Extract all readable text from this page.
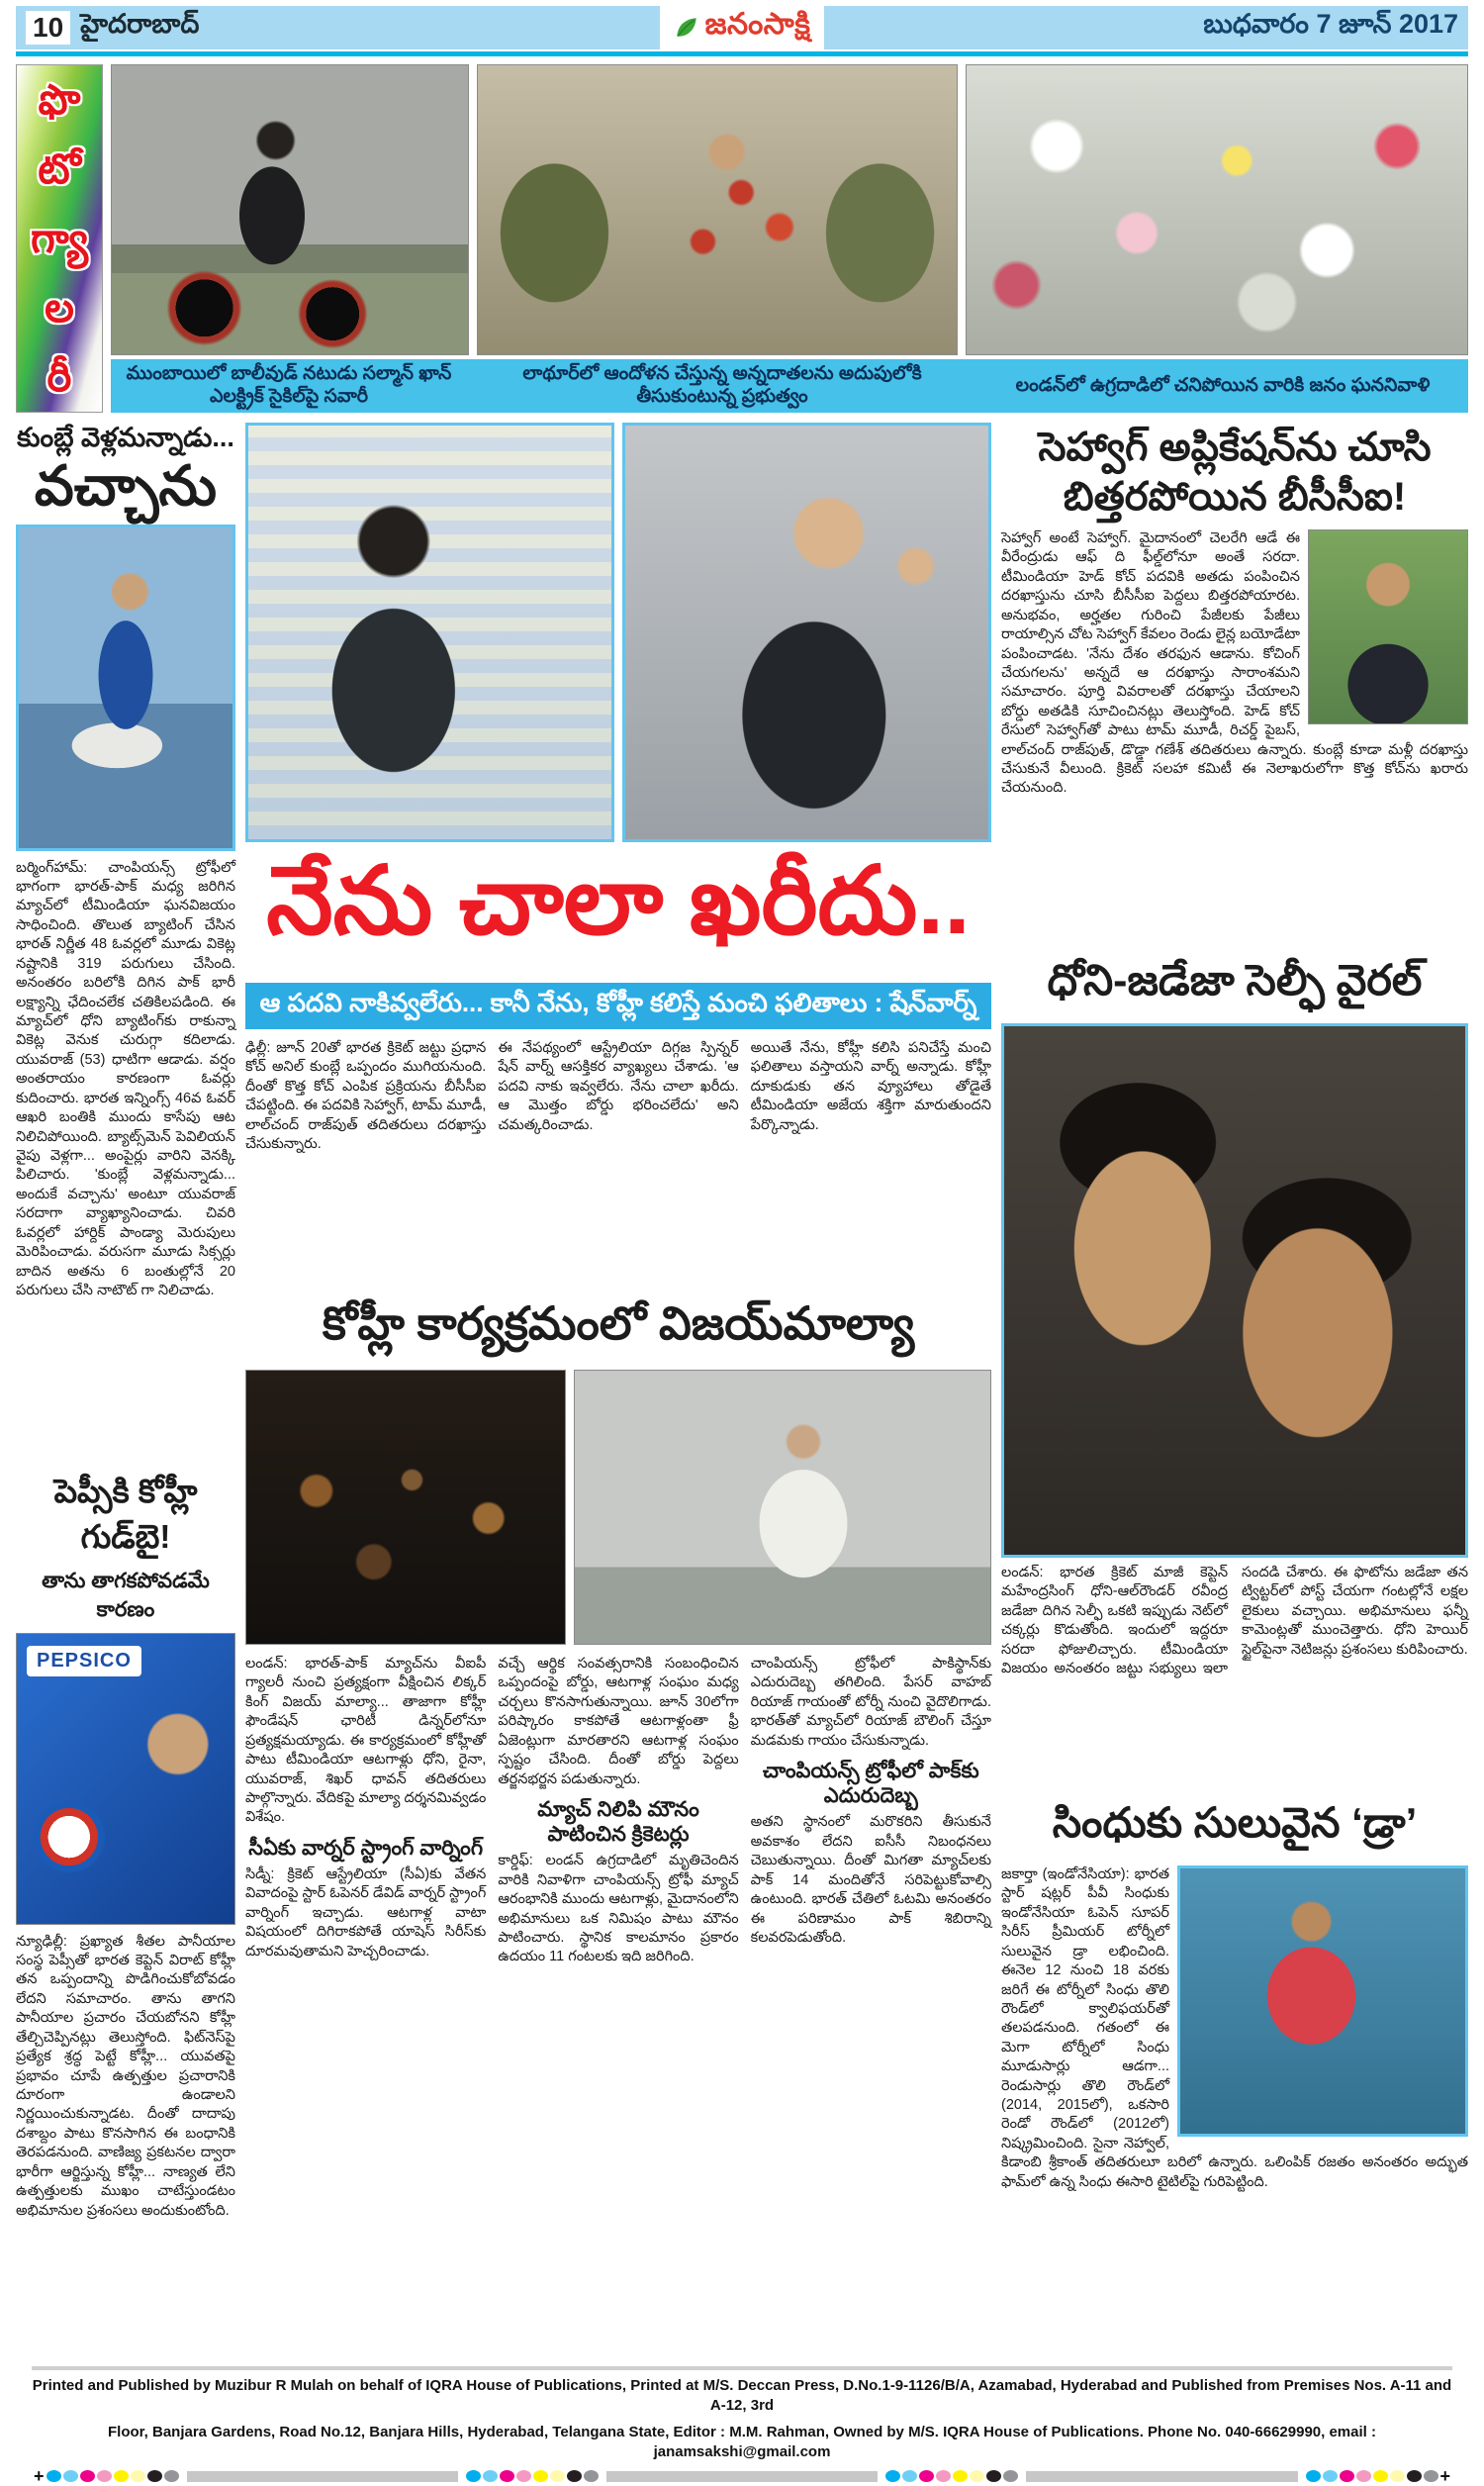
10 హైదరాబాద్	జనంసాక్షి	బుధవారం 7 జూన్ 2017
ఫొ
టో
గ్యా
ల
రీ	ముంబాయిలో బాలీవుడ్ నటుడు సల్మాన్ ఖాన్ ఎలక్ట్రిక్ సైకిల్‌పై సవారీ
లాథూర్‌లో ఆందోళన చేస్తున్న అన్నదాతలను అదుపులోకి తీసుకుంటున్న ప్రభుత్వం
లండన్‌లో ఉగ్రదాడిలో చనిపోయిన వారికి జనం ఘననివాళి
కుంబ్లే వెళ్లమన్నాడు...
వచ్చాను
బర్మింగ్‌హామ్: చాంపియన్స్ ట్రోఫీలో భాగంగా భారత్-పాక్ మధ్య జరిగిన మ్యాచ్‌లో టీమిండియా ఘనవిజయం సాధించింది. తొలుత బ్యాటింగ్ చేసిన భారత్ నిర్ణీత 48 ఓవర్లలో మూడు వికెట్ల నష్టానికి 319 పరుగులు చేసింది. అనంతరం బరిలోకి దిగిన పాక్ భారీ లక్ష్యాన్ని ఛేదించలేక చతికిలపడింది. ఈ మ్యాచ్‌లో ధోని బ్యాటింగ్‌కు రాకున్నా వికెట్ల వెనుక చురుగ్గా కదిలాడు. యువరాజ్ (53) ధాటిగా ఆడాడు. వర్షం అంతరాయం కారణంగా ఓవర్లు కుదించారు. భారత ఇన్నింగ్స్ 46వ ఓవర్ ఆఖరి బంతికి ముందు కాసేపు ఆట నిలిచిపోయింది. బ్యాట్స్‌మెన్ పెవిలియన్ వైపు వెళ్లగా... అంపైర్లు వారిని వెనక్కి పిలిచారు. 'కుంబ్లే వెళ్లమన్నాడు... అందుకే వచ్చాను' అంటూ యువరాజ్ సరదాగా వ్యాఖ్యానించాడు. చివరి ఓవర్లలో హార్దిక్ పాండ్యా మెరుపులు మెరిపించాడు. వరుసగా మూడు సిక్సర్లు బాదిన అతను 6 బంతుల్లోనే 20 పరుగులు చేసి నాటౌట్ గా నిలిచాడు.
పెప్సీకి కోహ్లీ గుడ్‌బై!
తాను తాగకపోవడమే కారణం
PEPSICO
న్యూఢిల్లీ: ప్రఖ్యాత శీతల పానీయాల సంస్థ పెప్సీతో భారత కెప్టెన్ విరాట్ కోహ్లీ తన ఒప్పందాన్ని పొడిగించుకోబోవడం లేదని సమాచారం. తాను తాగని పానీయాల ప్రచారం చేయబోనని కోహ్లీ తేల్చిచెప్పినట్లు తెలుస్తోంది. ఫిట్‌నెస్‌పై ప్రత్యేక శ్రద్ధ పెట్టే కోహ్లీ... యువతపై ప్రభావం చూపే ఉత్పత్తుల ప్రచారానికి దూరంగా ఉండాలని నిర్ణయించుకున్నాడట. దీంతో దాదాపు దశాబ్దం పాటు కొనసాగిన ఈ బంధానికి తెరపడనుంది. వాణిజ్య ప్రకటనల ద్వారా భారీగా ఆర్జిస్తున్న కోహ్లీ... నాణ్యత లేని ఉత్పత్తులకు ముఖం చాటేస్తుండటం అభిమానుల ప్రశంసలు అందుకుంటోంది.
నేను చాలా ఖరీదు..
ఆ పదవి నాకివ్వలేరు... కానీ నేను, కోహ్లీ కలిస్తే మంచి ఫలితాలు : షేన్‌వార్న్
ఢిల్లీ: జూన్ 20తో భారత క్రికెట్ జట్టు ప్రధాన కోచ్ అనిల్ కుంబ్లే ఒప్పందం ముగియనుంది. దీంతో కొత్త కోచ్ ఎంపిక ప్రక్రియను బీసీసీఐ చేపట్టింది. ఈ పదవికి సెహ్వాగ్, టామ్ మూడీ, లాల్‌చంద్ రాజ్‌పుత్ తదితరులు దరఖాస్తు చేసుకున్నారు.
ఈ నేపథ్యంలో ఆస్ట్రేలియా దిగ్గజ స్పిన్నర్ షేన్ వార్న్ ఆసక్తికర వ్యాఖ్యలు చేశాడు. 'ఆ పదవి నాకు ఇవ్వలేరు. నేను చాలా ఖరీదు. ఆ మొత్తం బోర్డు భరించలేదు' అని చమత్కరించాడు.
అయితే నేను, కోహ్లీ కలిసి పనిచేస్తే మంచి ఫలితాలు వస్తాయని వార్న్ అన్నాడు. కోహ్లీ దూకుడుకు తన వ్యూహాలు తోడైతే టీమిండియా అజేయ శక్తిగా మారుతుందని పేర్కొన్నాడు.
కోహ్లీ కార్యక్రమంలో విజయ్‌మాల్యా
లండన్: భారత్-పాక్ మ్యాచ్‌ను వీఐపీ గ్యాలరీ నుంచి ప్రత్యక్షంగా వీక్షించిన లిక్కర్ కింగ్ విజయ్ మాల్యా... తాజాగా కోహ్లీ ఫౌండేషన్ ఛారిటీ డిన్నర్‌లోనూ ప్రత్యక్షమయ్యాడు. ఈ కార్యక్రమంలో కోహ్లీతో పాటు టీమిండియా ఆటగాళ్లు ధోని, రైనా, యువరాజ్, శిఖర్ ధావన్ తదితరులు పాల్గొన్నారు. వేదికపై మాల్యా దర్శనమివ్వడం విశేషం.
సీఏకు వార్నర్ స్ట్రాంగ్ వార్నింగ్
సిడ్నీ: క్రికెట్ ఆస్ట్రేలియా (సీఏ)కు వేతన వివాదంపై స్టార్ ఓపెనర్ డేవిడ్ వార్నర్ స్ట్రాంగ్ వార్నింగ్ ఇచ్చాడు. ఆటగాళ్ల వాటా విషయంలో దిగిరాకపోతే యాషెస్ సిరీస్‌కు దూరమవుతామని హెచ్చరించాడు.
వచ్చే ఆర్థిక సంవత్సరానికి సంబంధించిన ఒప్పందంపై బోర్డు, ఆటగాళ్ల సంఘం మధ్య చర్చలు కొనసాగుతున్నాయి. జూన్ 30లోగా పరిష్కారం కాకపోతే ఆటగాళ్లంతా ఫ్రీ ఏజెంట్లుగా మారతారని ఆటగాళ్ల సంఘం స్పష్టం చేసింది. దీంతో బోర్డు పెద్దలు తర్జనభర్జన పడుతున్నారు.
మ్యాచ్ నిలిపి మౌనం పాటించిన క్రికెటర్లు
కార్డిఫ్: లండన్ ఉగ్రదాడిలో మృతిచెందిన వారికి నివాళిగా చాంపియన్స్ ట్రోఫీ మ్యాచ్ ఆరంభానికి ముందు ఆటగాళ్లు, మైదానంలోని అభిమానులు ఒక నిమిషం పాటు మౌనం పాటించారు. స్థానిక కాలమానం ప్రకారం ఉదయం 11 గంటలకు ఇది జరిగింది.
చాంపియన్స్ ట్రోఫీలో పాకిస్థాన్‌కు ఎదురుదెబ్బ తగిలింది. పేసర్ వాహబ్ రియాజ్ గాయంతో టోర్నీ నుంచి వైదొలిగాడు. భారత్‌తో మ్యాచ్‌లో రియాజ్ బౌలింగ్ చేస్తూ మడమకు గాయం చేసుకున్నాడు.
చాంపియన్స్ ట్రోఫీలో పాక్‌కు ఎదురుదెబ్బ
అతని స్థానంలో మరొకరిని తీసుకునే అవకాశం లేదని ఐసీసీ నిబంధనలు చెబుతున్నాయి. దీంతో మిగతా మ్యాచ్‌లకు పాక్ 14 మందితోనే సరిపెట్టుకోవాల్సి ఉంటుంది. భారత్ చేతిలో ఓటమి అనంతరం ఈ పరిణామం పాక్ శిబిరాన్ని కలవరపెడుతోంది.
సెహ్వాగ్ అప్లికేషన్‌ను చూసి
బిత్తరపోయిన బీసీసీఐ!
సెహ్వాగ్ అంటే సెహ్వాగ్. మైదానంలో చెలరేగి ఆడే ఈ వీరేంద్రుడు ఆఫ్ ది ఫీల్డ్‌లోనూ అంతే సరదా. టీమిండియా హెడ్ కోచ్ పదవికి అతడు పంపించిన దరఖాస్తును చూసి బీసీసీఐ పెద్దలు బిత్తరపోయారట. అనుభవం, అర్హతల గురించి పేజీలకు పేజీలు రాయాల్సిన చోట సెహ్వాగ్ కేవలం రెండు లైన్ల బయోడేటా పంపించాడట. 'నేను దేశం తరఫున ఆడాను. కోచింగ్ చేయగలను' అన్నదే ఆ దరఖాస్తు సారాంశమని సమాచారం. పూర్తి వివరాలతో దరఖాస్తు చేయాలని బోర్డు అతడికి సూచించినట్లు తెలుస్తోంది. హెడ్ కోచ్ రేసులో సెహ్వాగ్‌తో పాటు టామ్ మూడీ, రిచర్డ్ పైబస్, లాల్‌చంద్ రాజ్‌పుత్, డొడ్డా గణేశ్ తదితరులు ఉన్నారు. కుంబ్లే కూడా మళ్లీ దరఖాస్తు చేసుకునే వీలుంది. క్రికెట్ సలహా కమిటీ ఈ నెలాఖరులోగా కొత్త కోచ్‌ను ఖరారు చేయనుంది.
ధోని-జడేజా సెల్ఫీ వైరల్
లండన్: భారత క్రికెట్ మాజీ కెప్టెన్ మహేంద్రసింగ్ ధోని-ఆల్‌రౌండర్ రవీంద్ర జడేజా దిగిన సెల్ఫీ ఒకటి ఇప్పుడు నెట్‌లో చక్కర్లు కొడుతోంది. ఇందులో ఇద్దరూ సరదా ఫోజులిచ్చారు. టీమిండియా విజయం అనంతరం జట్టు సభ్యులు ఇలా సందడి చేశారు. ఈ ఫొటోను జడేజా తన ట్విట్టర్‌లో పోస్ట్ చేయగా గంటల్లోనే లక్షల లైకులు వచ్చాయి. అభిమానులు ఫన్నీ కామెంట్లతో ముంచెత్తారు. ధోని హెయిర్ స్టైల్‌పైనా నెటిజన్లు ప్రశంసలు కురిపించారు.
సింధుకు సులువైన ‘డ్రా’
జకార్తా (ఇండోనేసియా): భారత స్టార్ షట్లర్ పీవీ సింధుకు ఇండోనేసియా ఓపెన్ సూపర్ సిరీస్ ప్రీమియర్ టోర్నీలో సులువైన డ్రా లభించింది. ఈనెల 12 నుంచి 18 వరకు జరిగే ఈ టోర్నీలో సింధు తొలి రౌండ్‌లో క్వాలిఫయర్‌తో తలపడనుంది. గతంలో ఈ మెగా టోర్నీలో సింధు మూడుసార్లు ఆడగా... రెండుసార్లు తొలి రౌండ్‌లో (2014, 2015లో), ఒకసారి రెండో రౌండ్‌లో (2012లో) నిష్క్రమించింది. సైనా నెహ్వాల్, కిడాంబి శ్రీకాంత్ తదితరులూ బరిలో ఉన్నారు. ఒలింపిక్ రజతం అనంతరం అద్భుత ఫామ్‌లో ఉన్న సింధు ఈసారి టైటిల్‌పై గురిపెట్టింది.
Printed and Published by Muzibur R Mulah on behalf of IQRA House of Publications, Printed at M/S. Deccan Press, D.No.1-9-1126/B/A, Azamabad, Hyderabad and Published from Premises Nos. A-11 and A-12, 3rd
Floor, Banjara Gardens, Road No.12, Banjara Hills, Hyderabad, Telangana State, Editor : M.M. Rahman, Owned by M/S. IQRA House of Publications. Phone No. 040-66629990, email : janamsakshi@gmail.com
+	+
